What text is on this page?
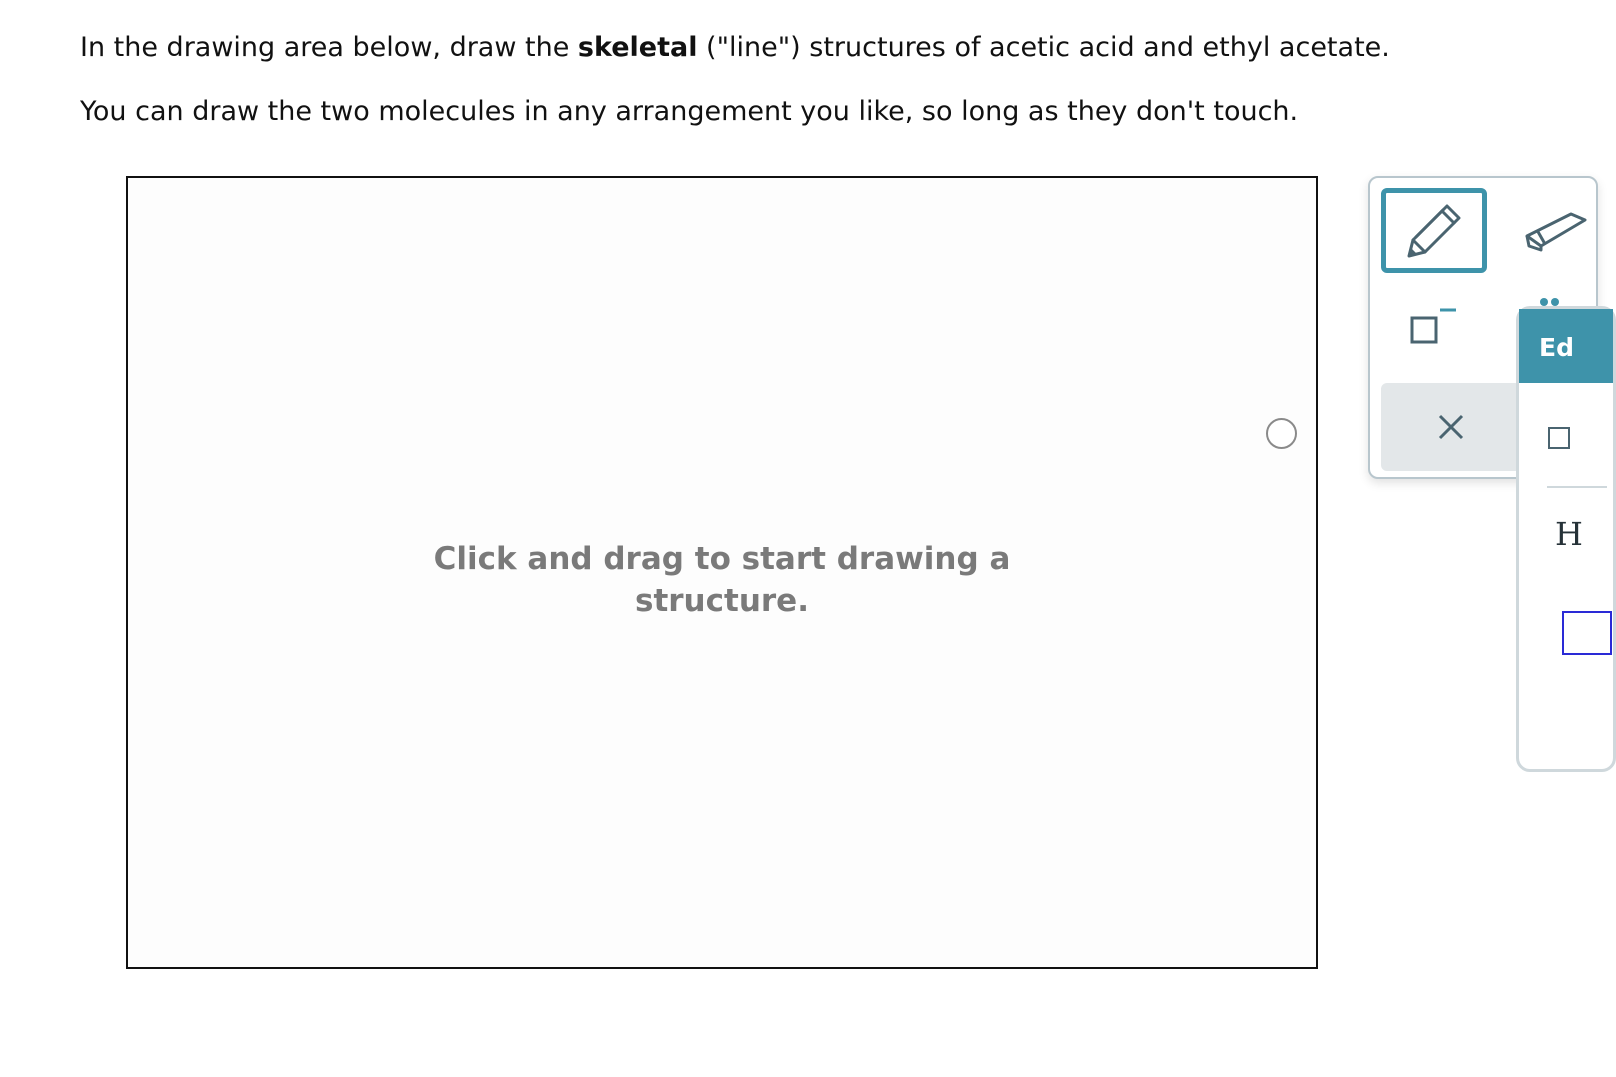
In the drawing area below, draw the skeletal ("line") structures of acetic acid and ethyl acetate.

You can draw the two molecules in any arrangement you like, so long as they don't touch.

Click and drag to start drawing a
structure.
Ed
H
